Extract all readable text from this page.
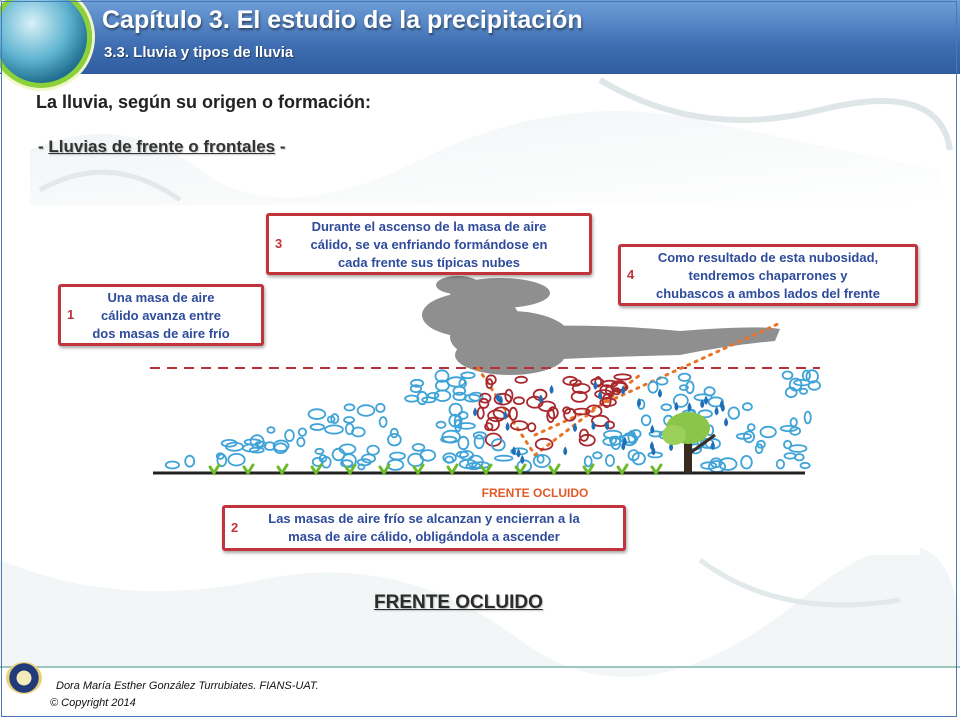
Capítulo 3. El estudio de la precipitación
3.3. Lluvia y tipos de lluvia
La lluvia, según su origen o formación:
- Lluvias de frente o frontales -
FRENTE OCLUIDO
1
Una masa de aire
cálido avanza entre
dos masas de aire frío
2
Las masas de aire frío se alcanzan y encierran a la
masa de aire cálido, obligándola a ascender
3
Durante el ascenso de la masa de aire
cálido, se va enfriando formándose en
cada frente sus típicas nubes
4
Como resultado de esta nubosidad,
tendremos chaparrones y
chubascos a ambos lados del frente
FRENTE OCLUIDO
Dora María Esther González Turrubiates. FIANS-UAT.
© Copyright 2014
